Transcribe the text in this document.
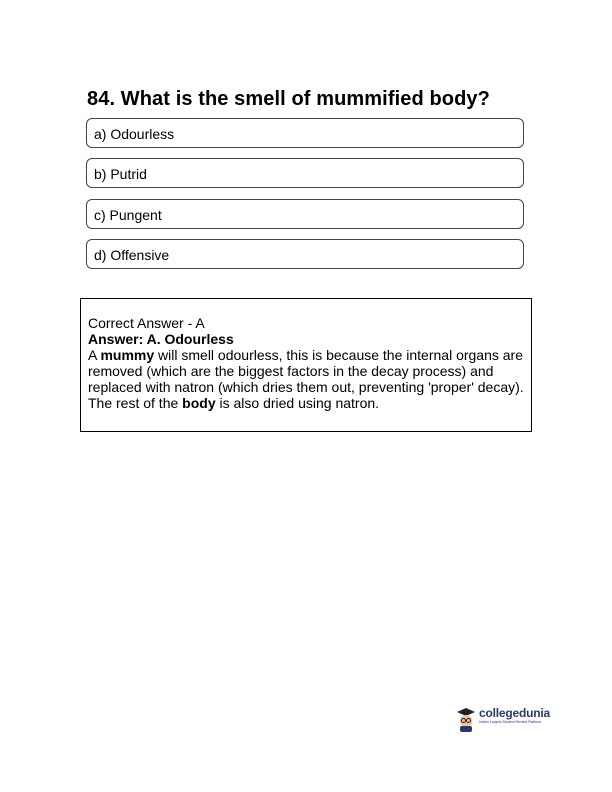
84. What is the smell of mummified body?
a) Odourless
b) Putrid
c) Pungent
d) Offensive

Correct Answer - A

Answer: A. Odourless

A mummy will smell odourless, this is because the internal organs are removed (which are the biggest factors in the decay process) and replaced with natron (which dries them out, preventing 'proper' decay). The rest of the body is also dried using natron.

collegedunia
India's Largest Student Review Platform
